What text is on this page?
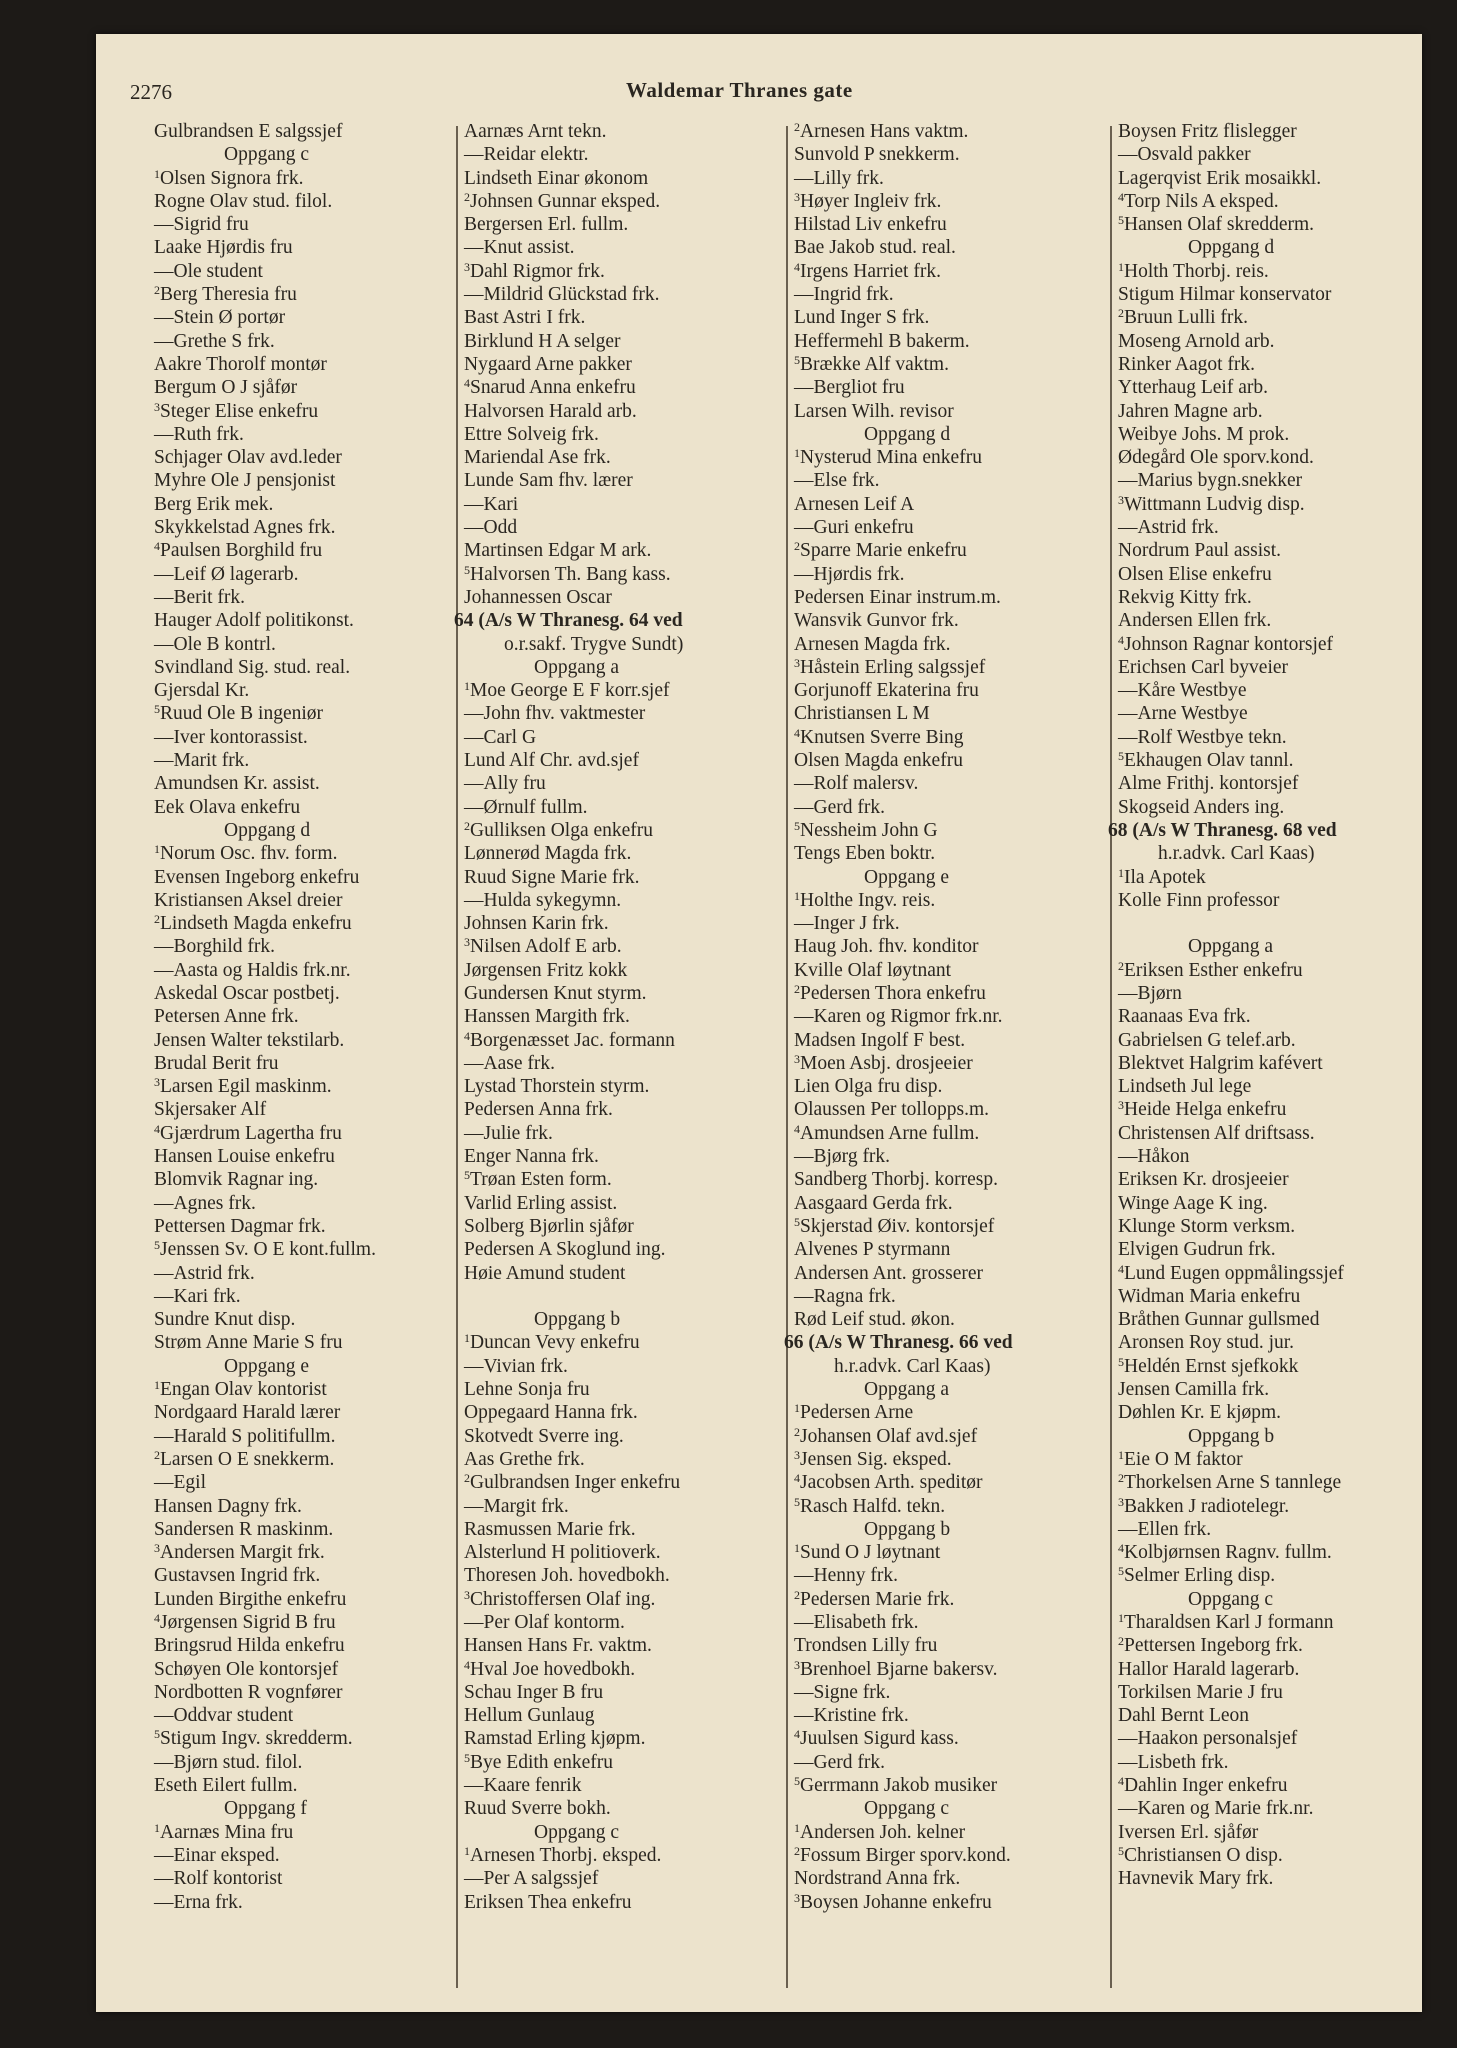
2276	Waldemar Thranes gate
Gulbrandsen E salgssjef
Oppgang c
$^1$Olsen Signora frk.
Rogne Olav stud. filol.
—Sigrid fru
Laake Hjørdis fru
—Ole student
$^2$Berg Theresia fru
—Stein Ø portør
—Grethe S frk.
Aakre Thorolf montør
Bergum O J sjåfør
$^3$Steger Elise enkefru
—Ruth frk.
Schjager Olav avd.leder
Myhre Ole J pensjonist
Berg Erik mek.
Skykkelstad Agnes frk.
$^4$Paulsen Borghild fru
—Leif Ø lagerarb.
—Berit frk.
Hauger Adolf politikonst.
—Ole B kontrl.
Svindland Sig. stud. real.
Gjersdal Kr.
$^5$Ruud Ole B ingeniør
—Iver kontorassist.
—Marit frk.
Amundsen Kr. assist.
Eek Olava enkefru
Oppgang d
$^1$Norum Osc. fhv. form.
Evensen Ingeborg enkefru
Kristiansen Aksel dreier
$^2$Lindseth Magda enkefru
—Borghild frk.
—Aasta og Haldis frk.nr.
Askedal Oscar postbetj.
Petersen Anne frk.
Jensen Walter tekstilarb.
Brudal Berit fru
$^3$Larsen Egil maskinm.
Skjersaker Alf
$^4$Gjærdrum Lagertha fru
Hansen Louise enkefru
Blomvik Ragnar ing.
—Agnes frk.
Pettersen Dagmar frk.
$^5$Jenssen Sv. O E kont.fullm.
—Astrid frk.
—Kari frk.
Sundre Knut disp.
Strøm Anne Marie S fru
Oppgang e
$^1$Engan Olav kontorist
Nordgaard Harald lærer
—Harald S politifullm.
$^2$Larsen O E snekkerm.
—Egil
Hansen Dagny frk.
Sandersen R maskinm.
$^3$Andersen Margit frk.
Gustavsen Ingrid frk.
Lunden Birgithe enkefru
$^4$Jørgensen Sigrid B fru
Bringsrud Hilda enkefru
Schøyen Ole kontorsjef
Nordbotten R vognfører
—Oddvar student
$^5$Stigum Ingv. skredderm.
—Bjørn stud. filol.
Eseth Eilert fullm.
Oppgang f
$^1$Aarnæs Mina fru
—Einar eksped.
—Rolf kontorist
—Erna frk.
Aarnæs Arnt tekn.
—Reidar elektr.
Lindseth Einar økonom
$^2$Johnsen Gunnar eksped.
Bergersen Erl. fullm.
—Knut assist.
$^3$Dahl Rigmor frk.
—Mildrid Glückstad frk.
Bast Astri I frk.
Birklund H A selger
Nygaard Arne pakker
$^4$Snarud Anna enkefru
Halvorsen Harald arb.
Ettre Solveig frk.
Mariendal Ase frk.
Lunde Sam fhv. lærer
—Kari
—Odd
Martinsen Edgar M ark.
$^5$Halvorsen Th. Bang kass.
Johannessen Oscar
64 (A/s W Thranesg. 64 ved
o.r.sakf. Trygve Sundt)
Oppgang a
$^1$Moe George E F korr.sjef
—John fhv. vaktmester
—Carl G
Lund Alf Chr. avd.sjef
—Ally fru
—Ørnulf fullm.
$^2$Gulliksen Olga enkefru
Lønnerød Magda frk.
Ruud Signe Marie frk.
—Hulda sykegymn.
Johnsen Karin frk.
$^3$Nilsen Adolf E arb.
Jørgensen Fritz kokk
Gundersen Knut styrm.
Hanssen Margith frk.
$^4$Borgenæsset Jac. formann
—Aase frk.
Lystad Thorstein styrm.
Pedersen Anna frk.
—Julie frk.
Enger Nanna frk.
$^5$Trøan Esten form.
Varlid Erling assist.
Solberg Bjørlin sjåfør
Pedersen A Skoglund ing.
Høie Amund student
Oppgang b
$^1$Duncan Vevy enkefru
—Vivian frk.
Lehne Sonja fru
Oppegaard Hanna frk.
Skotvedt Sverre ing.
Aas Grethe frk.
$^2$Gulbrandsen Inger enkefru
—Margit frk.
Rasmussen Marie frk.
Alsterlund H politioverk.
Thoresen Joh. hovedbokh.
$^3$Christoffersen Olaf ing.
—Per Olaf kontorm.
Hansen Hans Fr. vaktm.
$^4$Hval Joe hovedbokh.
Schau Inger B fru
Hellum Gunlaug
Ramstad Erling kjøpm.
$^5$Bye Edith enkefru
—Kaare fenrik
Ruud Sverre bokh.
Oppgang c
$^1$Arnesen Thorbj. eksped.
—Per A salgssjef
Eriksen Thea enkefru
$^2$Arnesen Hans vaktm.
Sunvold P snekkerm.
—Lilly frk.
$^3$Høyer Ingleiv frk.
Hilstad Liv enkefru
Bae Jakob stud. real.
$^4$Irgens Harriet frk.
—Ingrid frk.
Lund Inger S frk.
Heffermehl B bakerm.
$^5$Brække Alf vaktm.
—Bergliot fru
Larsen Wilh. revisor
Oppgang d
$^1$Nysterud Mina enkefru
—Else frk.
Arnesen Leif A
—Guri enkefru
$^2$Sparre Marie enkefru
—Hjørdis frk.
Pedersen Einar instrum.m.
Wansvik Gunvor frk.
Arnesen Magda frk.
$^3$Håstein Erling salgssjef
Gorjunoff Ekaterina fru
Christiansen L M
$^4$Knutsen Sverre Bing
Olsen Magda enkefru
—Rolf malersv.
—Gerd frk.
$^5$Nessheim John G
Tengs Eben boktr.
Oppgang e
$^1$Holthe Ingv. reis.
—Inger J frk.
Haug Joh. fhv. konditor
Kville Olaf løytnant
$^2$Pedersen Thora enkefru
—Karen og Rigmor frk.nr.
Madsen Ingolf F best.
$^3$Moen Asbj. drosjeeier
Lien Olga fru disp.
Olaussen Per tollopps.m.
$^4$Amundsen Arne fullm.
—Bjørg frk.
Sandberg Thorbj. korresp.
Aasgaard Gerda frk.
$^5$Skjerstad Øiv. kontorsjef
Alvenes P styrmann
Andersen Ant. grosserer
—Ragna frk.
Rød Leif stud. økon.
66 (A/s W Thranesg. 66 ved
h.r.advk. Carl Kaas)
Oppgang a
$^1$Pedersen Arne
$^2$Johansen Olaf avd.sjef
$^3$Jensen Sig. eksped.
$^4$Jacobsen Arth. speditør
$^5$Rasch Halfd. tekn.
Oppgang b
$^1$Sund O J løytnant
—Henny frk.
$^2$Pedersen Marie frk.
—Elisabeth frk.
Trondsen Lilly fru
$^3$Brenhoel Bjarne bakersv.
—Signe frk.
—Kristine frk.
$^4$Juulsen Sigurd kass.
—Gerd frk.
$^5$Gerrmann Jakob musiker
Oppgang c
$^1$Andersen Joh. kelner
$^2$Fossum Birger sporv.kond.
Nordstrand Anna frk.
$^3$Boysen Johanne enkefru
Boysen Fritz flislegger
—Osvald pakker
Lagerqvist Erik mosaikkl.
$^4$Torp Nils A eksped.
$^5$Hansen Olaf skredderm.
Oppgang d
$^1$Holth Thorbj. reis.
Stigum Hilmar konservator
$^2$Bruun Lulli frk.
Moseng Arnold arb.
Rinker Aagot frk.
Ytterhaug Leif arb.
Jahren Magne arb.
Weibye Johs. M prok.
Ødegård Ole sporv.kond.
—Marius bygn.snekker
$^3$Wittmann Ludvig disp.
—Astrid frk.
Nordrum Paul assist.
Olsen Elise enkefru
Rekvig Kitty frk.
Andersen Ellen frk.
$^4$Johnson Ragnar kontorsjef
Erichsen Carl byveier
—Kåre Westbye
—Arne Westbye
—Rolf Westbye tekn.
$^5$Ekhaugen Olav tannl.
Alme Frithj. kontorsjef
Skogseid Anders ing.
68 (A/s W Thranesg. 68 ved
h.r.advk. Carl Kaas)
$^1$Ila Apotek
Kolle Finn professor
Oppgang a
$^2$Eriksen Esther enkefru
—Bjørn
Raanaas Eva frk.
Gabrielsen G telef.arb.
Blektvet Halgrim kafévert
Lindseth Jul lege
$^3$Heide Helga enkefru
Christensen Alf driftsass.
—Håkon
Eriksen Kr. drosjeeier
Winge Aage K ing.
Klunge Storm verksm.
Elvigen Gudrun frk.
$^4$Lund Eugen oppmålingssjef
Widman Maria enkefru
Bråthen Gunnar gullsmed
Aronsen Roy stud. jur.
$^5$Heldén Ernst sjefkokk
Jensen Camilla frk.
Døhlen Kr. E kjøpm.
Oppgang b
$^1$Eie O M faktor
$^2$Thorkelsen Arne S tannlege
$^3$Bakken J radiotelegr.
—Ellen frk.
$^4$Kolbjørnsen Ragnv. fullm.
$^5$Selmer Erling disp.
Oppgang c
$^1$Tharaldsen Karl J formann
$^2$Pettersen Ingeborg frk.
Hallor Harald lagerarb.
Torkilsen Marie J fru
Dahl Bernt Leon
—Haakon personalsjef
—Lisbeth frk.
$^4$Dahlin Inger enkefru
—Karen og Marie frk.nr.
Iversen Erl. sjåfør
$^5$Christiansen O disp.
Havnevik Mary frk.
